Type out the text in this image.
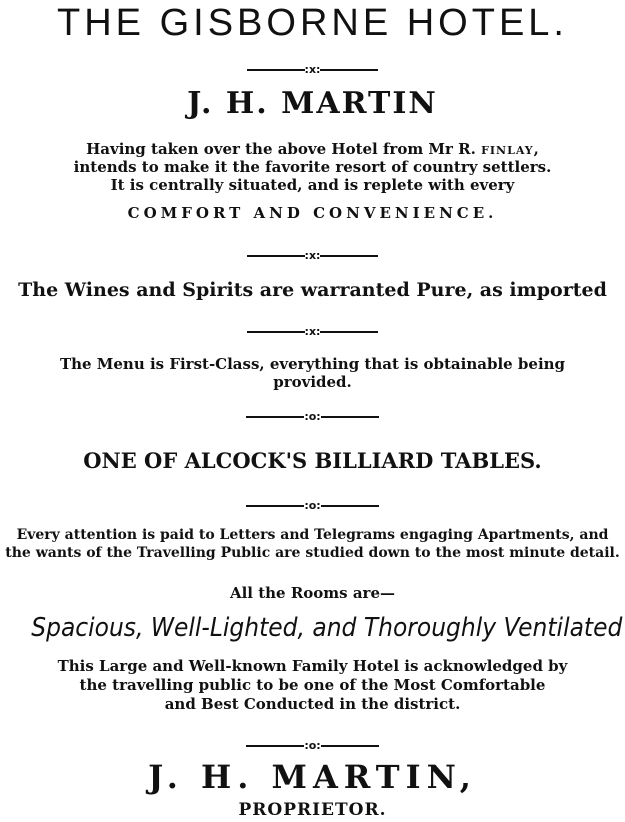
THE GISBORNE HOTEL.
:x:
J. H. MARTIN
Having taken over the above Hotel from Mr R. FINLAY,
intends to make it the favorite resort of country settlers.
It is centrally situated, and is replete with every
COMFORT AND CONVENIENCE.
:x:
The Wines and Spirits are warranted Pure, as imported
:x:
The Menu is First-Class, everything that is obtainable being
provided.
:o:
ONE OF ALCOCK'S BILLIARD TABLES.
:o:
Every attention is paid to Letters and Telegrams engaging Apartments, and
the wants of the Travelling Public are studied down to the most minute detail.
All the Rooms are—
Spacious, Well-Lighted, and Thoroughly Ventilated
This Large and Well-known Family Hotel is acknowledged by
the travelling public to be one of the Most Comfortable
and Best Conducted in the district.
:o:
J. H. MARTIN,
PROPRIETOR.
